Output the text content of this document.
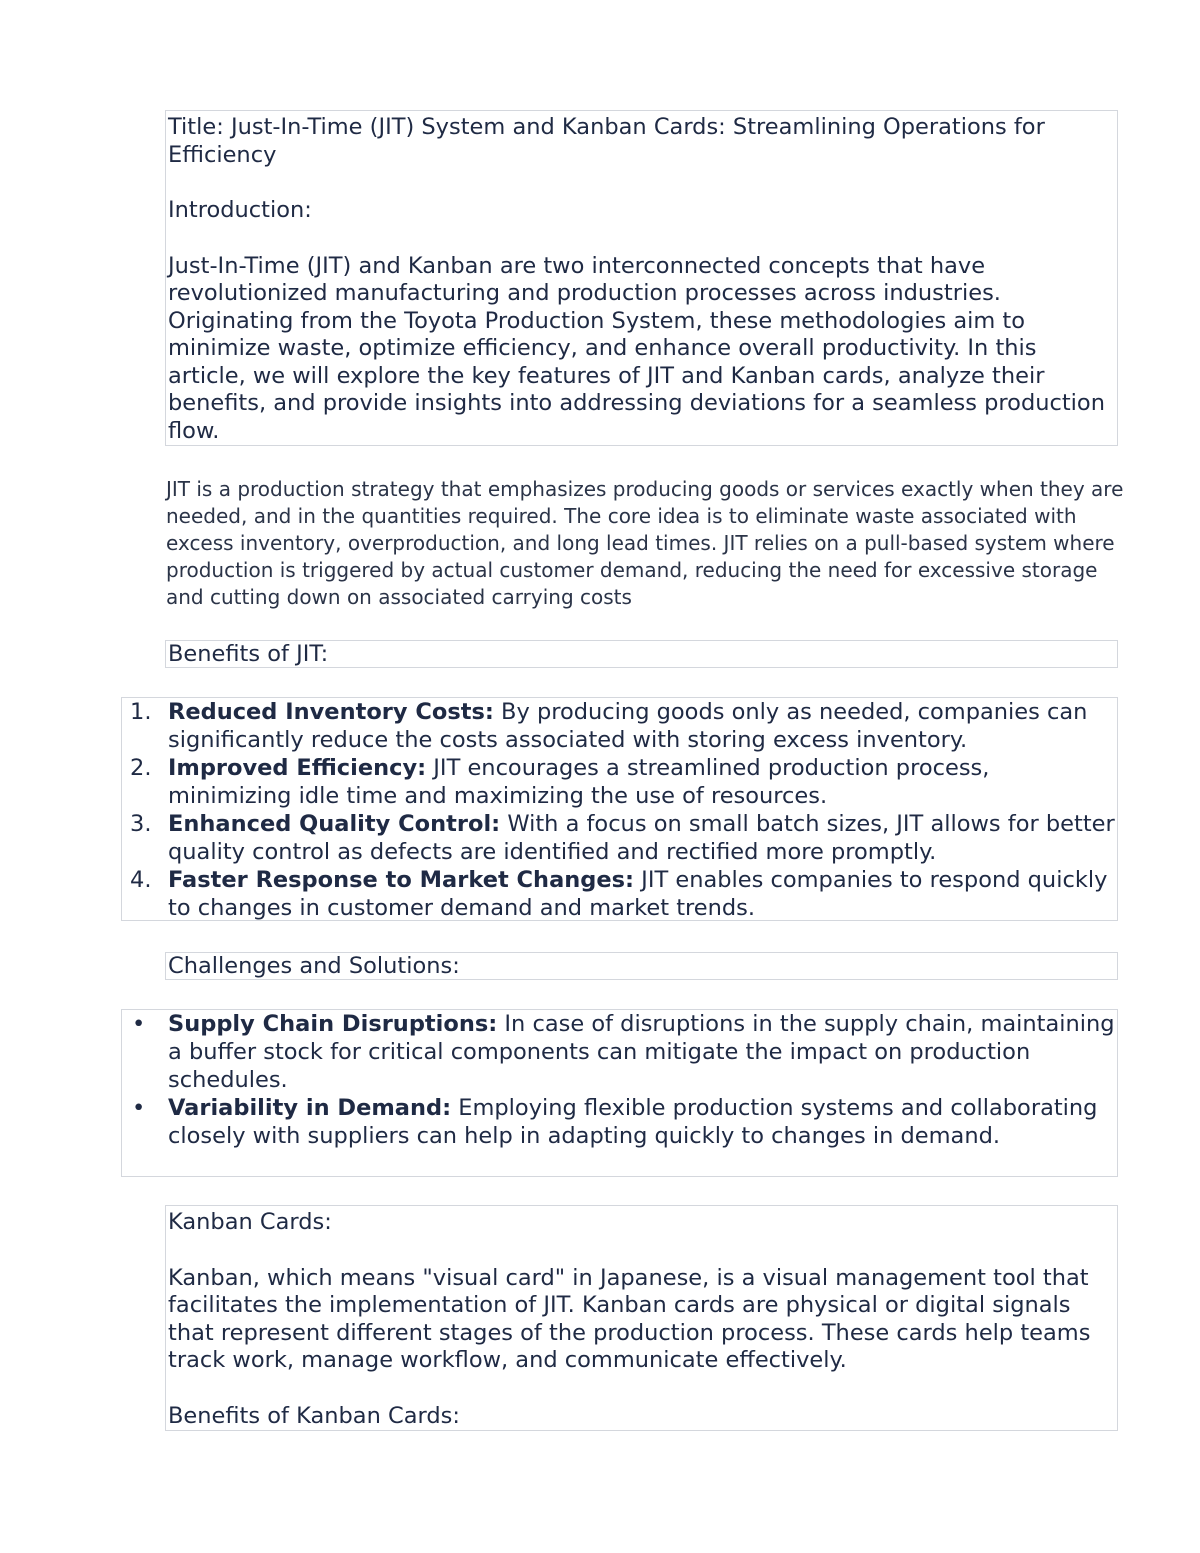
Title: Just-In-Time (JIT) System and Kanban Cards: Streamlining Operations for Efficiency

Introduction:

Just-In-Time (JIT) and Kanban are two interconnected concepts that have revolutionized manufacturing and production processes across industries. Originating from the Toyota Production System, these methodologies aim to minimize waste, optimize efficiency, and enhance overall productivity. In this article, we will explore the key features of JIT and Kanban cards, analyze their benefits, and provide insights into addressing deviations for a seamless production flow.

JIT is a production strategy that emphasizes producing goods or services exactly when they are needed, and in the quantities required. The core idea is to eliminate waste associated with excess inventory, overproduction, and long lead times. JIT relies on a pull-based system where production is triggered by actual customer demand, reducing the need for excessive storage and cutting down on associated carrying costs

Benefits of JIT:

1. Reduced Inventory Costs: By producing goods only as needed, companies can significantly reduce the costs associated with storing excess inventory.
2. Improved Efficiency: JIT encourages a streamlined production process, minimizing idle time and maximizing the use of resources.
3. Enhanced Quality Control: With a focus on small batch sizes, JIT allows for better quality control as defects are identified and rectified more promptly.
4. Faster Response to Market Changes: JIT enables companies to respond quickly to changes in customer demand and market trends.

Challenges and Solutions:

• Supply Chain Disruptions: In case of disruptions in the supply chain, maintaining a buffer stock for critical components can mitigate the impact on production schedules.
• Variability in Demand: Employing flexible production systems and collaborating closely with suppliers can help in adapting quickly to changes in demand.

Kanban Cards:

Kanban, which means "visual card" in Japanese, is a visual management tool that facilitates the implementation of JIT. Kanban cards are physical or digital signals that represent different stages of the production process. These cards help teams track work, manage workflow, and communicate effectively.

Benefits of Kanban Cards:
